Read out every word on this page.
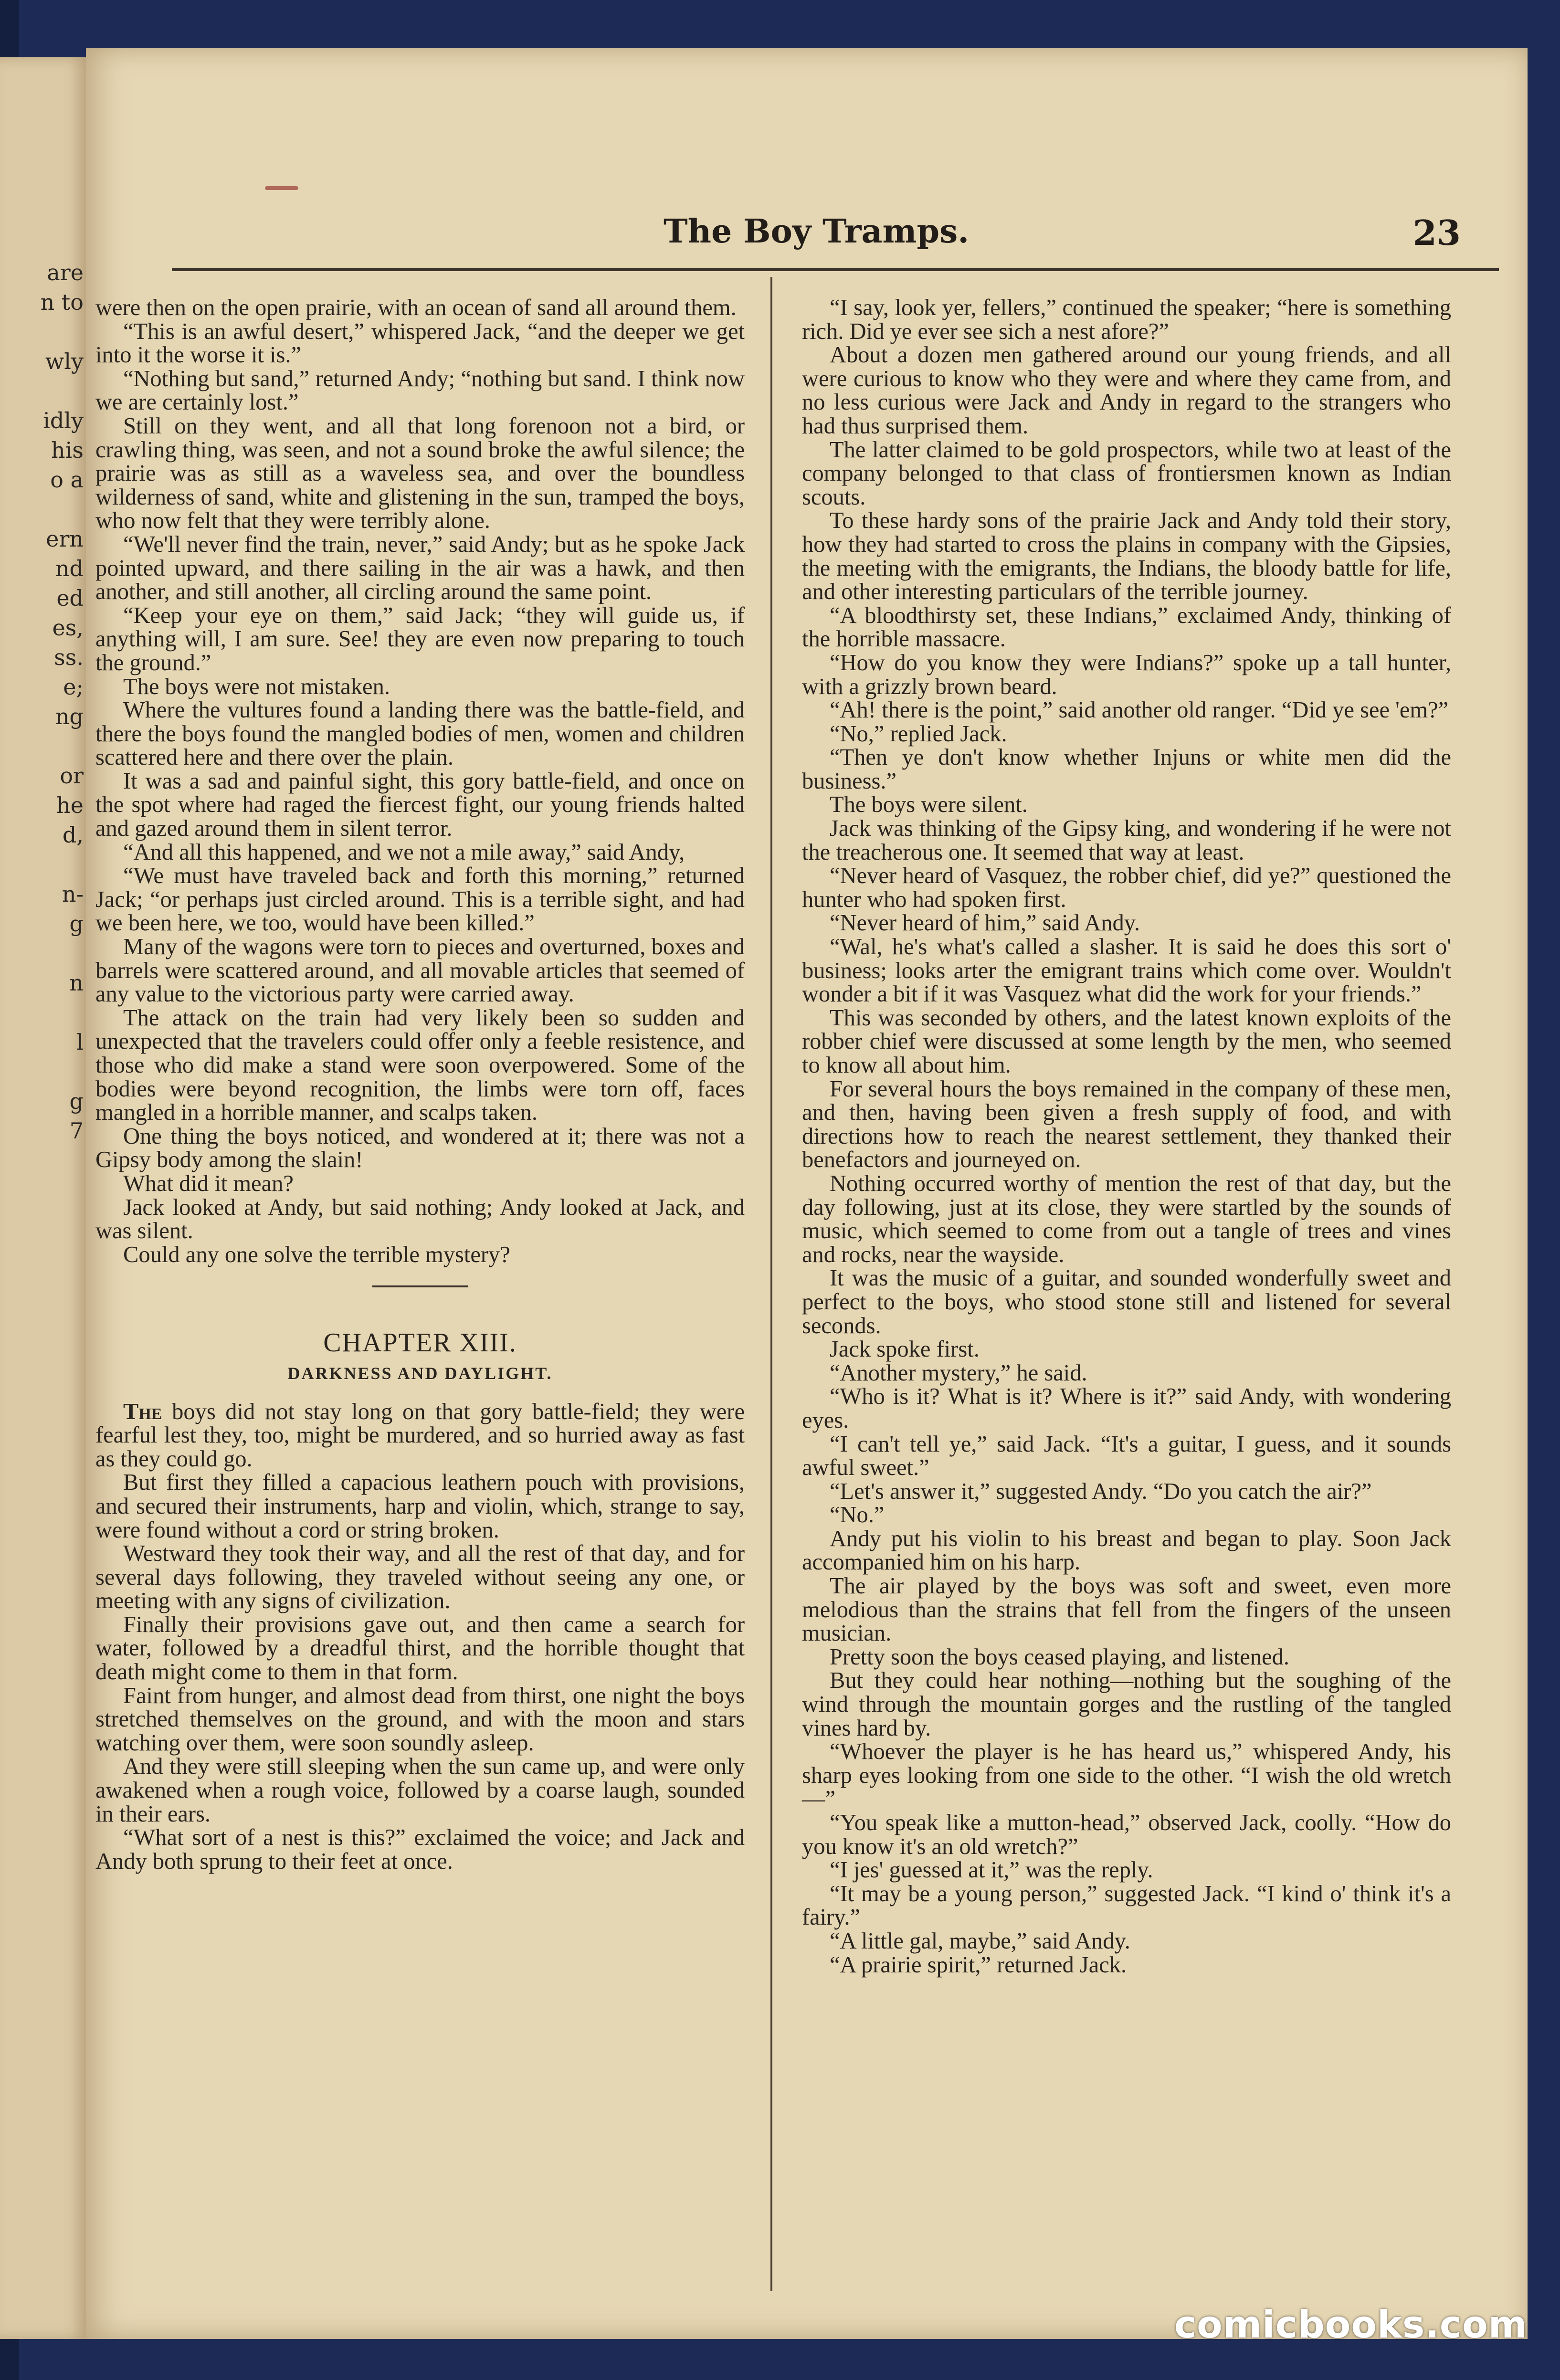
are
n to
wly
idly
his
o a
ern
nd
ed
es,
ss.
e;
ng
or
he
d,
n-
g
n
l
g
7
The Boy Tramps.	23

were then on the open prairie, with an ocean of sand all around them.

“This is an awful desert,” whispered Jack, “and the deeper we get into it the worse it is.”

“Nothing but sand,” returned Andy; “nothing but sand. I think now we are certainly lost.”

Still on they went, and all that long forenoon not a bird, or crawling thing, was seen, and not a sound broke the awful silence; the prairie was as still as a waveless sea, and over the boundless wilderness of sand, white and glistening in the sun, tramped the boys, who now felt that they were terribly alone.

“We'll never find the train, never,” said Andy; but as he spoke Jack pointed upward, and there sailing in the air was a hawk, and then another, and still another, all circling around the same point.

“Keep your eye on them,” said Jack; “they will guide us, if anything will, I am sure. See! they are even now preparing to touch the ground.”

The boys were not mistaken.

Where the vultures found a landing there was the battle-field, and there the boys found the mangled bodies of men, women and children scattered here and there over the plain.

It was a sad and painful sight, this gory battle-field, and once on the spot where had raged the fiercest fight, our young friends halted and gazed around them in silent terror.

“And all this happened, and we not a mile away,” said Andy,

“We must have traveled back and forth this morning,” returned Jack; “or perhaps just circled around. This is a terrible sight, and had we been here, we too, would have been killed.”

Many of the wagons were torn to pieces and overturned, boxes and barrels were scattered around, and all movable articles that seemed of any value to the victorious party were carried away.

The attack on the train had very likely been so sudden and unexpected that the travelers could offer only a feeble resistence, and those who did make a stand were soon overpowered. Some of the bodies were beyond recognition, the limbs were torn off, faces mangled in a horrible manner, and scalps taken.

One thing the boys noticed, and wondered at it; there was not a Gipsy body among the slain!

What did it mean?

Jack looked at Andy, but said nothing; Andy looked at Jack, and was silent.

Could any one solve the terrible mystery?

CHAPTER XIII.
DARKNESS AND DAYLIGHT.

The boys did not stay long on that gory battle-field; they were fearful lest they, too, might be murdered, and so hurried away as fast as they could go.

But first they filled a capacious leathern pouch with provisions, and secured their instruments, harp and violin, which, strange to say, were found without a cord or string broken.

Westward they took their way, and all the rest of that day, and for several days following, they traveled without seeing any one, or meeting with any signs of civilization.

Finally their provisions gave out, and then came a search for water, followed by a dreadful thirst, and the horrible thought that death might come to them in that form.

Faint from hunger, and almost dead from thirst, one night the boys stretched themselves on the ground, and with the moon and stars watching over them, were soon soundly asleep.

And they were still sleeping when the sun came up, and were only awakened when a rough voice, followed by a coarse laugh, sounded in their ears.

“What sort of a nest is this?” exclaimed the voice; and Jack and Andy both sprung to their feet at once.

“I say, look yer, fellers,” continued the speaker; “here is something rich. Did ye ever see sich a nest afore?”

About a dozen men gathered around our young friends, and all were curious to know who they were and where they came from, and no less curious were Jack and Andy in regard to the strangers who had thus surprised them.

The latter claimed to be gold prospectors, while two at least of the company belonged to that class of frontiersmen known as Indian scouts.

To these hardy sons of the prairie Jack and Andy told their story, how they had started to cross the plains in company with the Gipsies, the meeting with the emigrants, the Indians, the bloody battle for life, and other interesting particulars of the terrible journey.

“A bloodthirsty set, these Indians,” exclaimed Andy, thinking of the horrible massacre.

“How do you know they were Indians?” spoke up a tall hunter, with a grizzly brown beard.

“Ah! there is the point,” said another old ranger. “Did ye see 'em?”

“No,” replied Jack.

“Then ye don't know whether Injuns or white men did the business.”

The boys were silent.

Jack was thinking of the Gipsy king, and wondering if he were not the treacherous one. It seemed that way at least.

“Never heard of Vasquez, the robber chief, did ye?” questioned the hunter who had spoken first.

“Never heard of him,” said Andy.

“Wal, he's what's called a slasher. It is said he does this sort o' business; looks arter the emigrant trains which come over. Wouldn't wonder a bit if it was Vasquez what did the work for your friends.”

This was seconded by others, and the latest known exploits of the robber chief were discussed at some length by the men, who seemed to know all about him.

For several hours the boys remained in the company of these men, and then, having been given a fresh supply of food, and with directions how to reach the nearest settlement, they thanked their benefactors and journeyed on.

Nothing occurred worthy of mention the rest of that day, but the day following, just at its close, they were startled by the sounds of music, which seemed to come from out a tangle of trees and vines and rocks, near the wayside.

It was the music of a guitar, and sounded wonderfully sweet and perfect to the boys, who stood stone still and listened for several seconds.

Jack spoke first.

“Another mystery,” he said.

“Who is it? What is it? Where is it?” said Andy, with wondering eyes.

“I can't tell ye,” said Jack. “It's a guitar, I guess, and it sounds awful sweet.”

“Let's answer it,” suggested Andy. “Do you catch the air?”

“No.”

Andy put his violin to his breast and began to play. Soon Jack accompanied him on his harp.

The air played by the boys was soft and sweet, even more melodious than the strains that fell from the fingers of the unseen musician.

Pretty soon the boys ceased playing, and listened.

But they could hear nothing—nothing but the soughing of the wind through the mountain gorges and the rustling of the tangled vines hard by.

“Whoever the player is he has heard us,” whispered Andy, his sharp eyes looking from one side to the other. “I wish the old wretch—”

“You speak like a mutton-head,” observed Jack, coolly. “How do you know it's an old wretch?”

“I jes' guessed at it,” was the reply.

“It may be a young person,” suggested Jack. “I kind o' think it's a fairy.”

“A little gal, maybe,” said Andy.

“A prairie spirit,” returned Jack.

comicbooks.com
